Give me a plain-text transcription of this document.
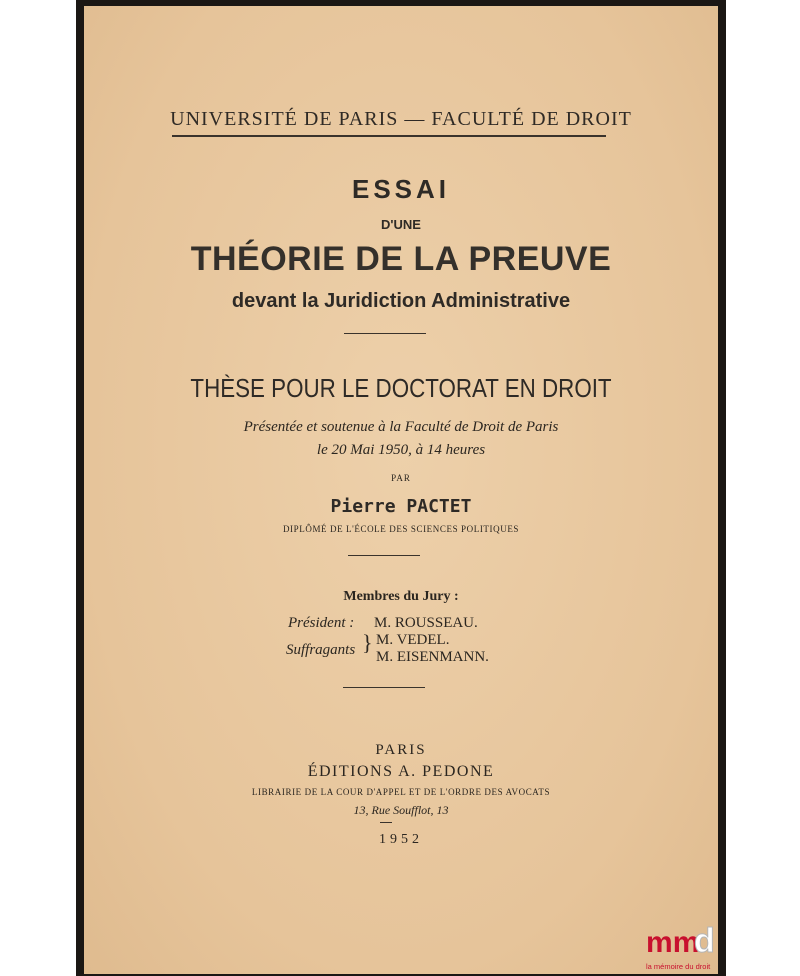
UNIVERSITÉ DE PARIS — FACULTÉ DE DROIT
ESSAI
D'UNE
THÉORIE DE LA PREUVE
devant la Juridiction Administrative
THÈSE POUR LE DOCTORAT EN DROIT
Présentée et soutenue à la Faculté de Droit de Paris
le 20 Mai 1950, à 14 heures
PAR
Pierre PACTET
DIPLÔMÉ DE L'ÉCOLE DES SCIENCES POLITIQUES
Membres du Jury :
Président : M. ROUSSEAU.
Suffragants } M. VEDEL.
M. EISENMANN.
PARIS
ÉDITIONS A. PEDONE
LIBRAIRIE DE LA COUR D'APPEL ET DE L'ORDRE DES AVOCATS
13, Rue Soufflot, 13
1952
mm
d
la mémoire du droit
